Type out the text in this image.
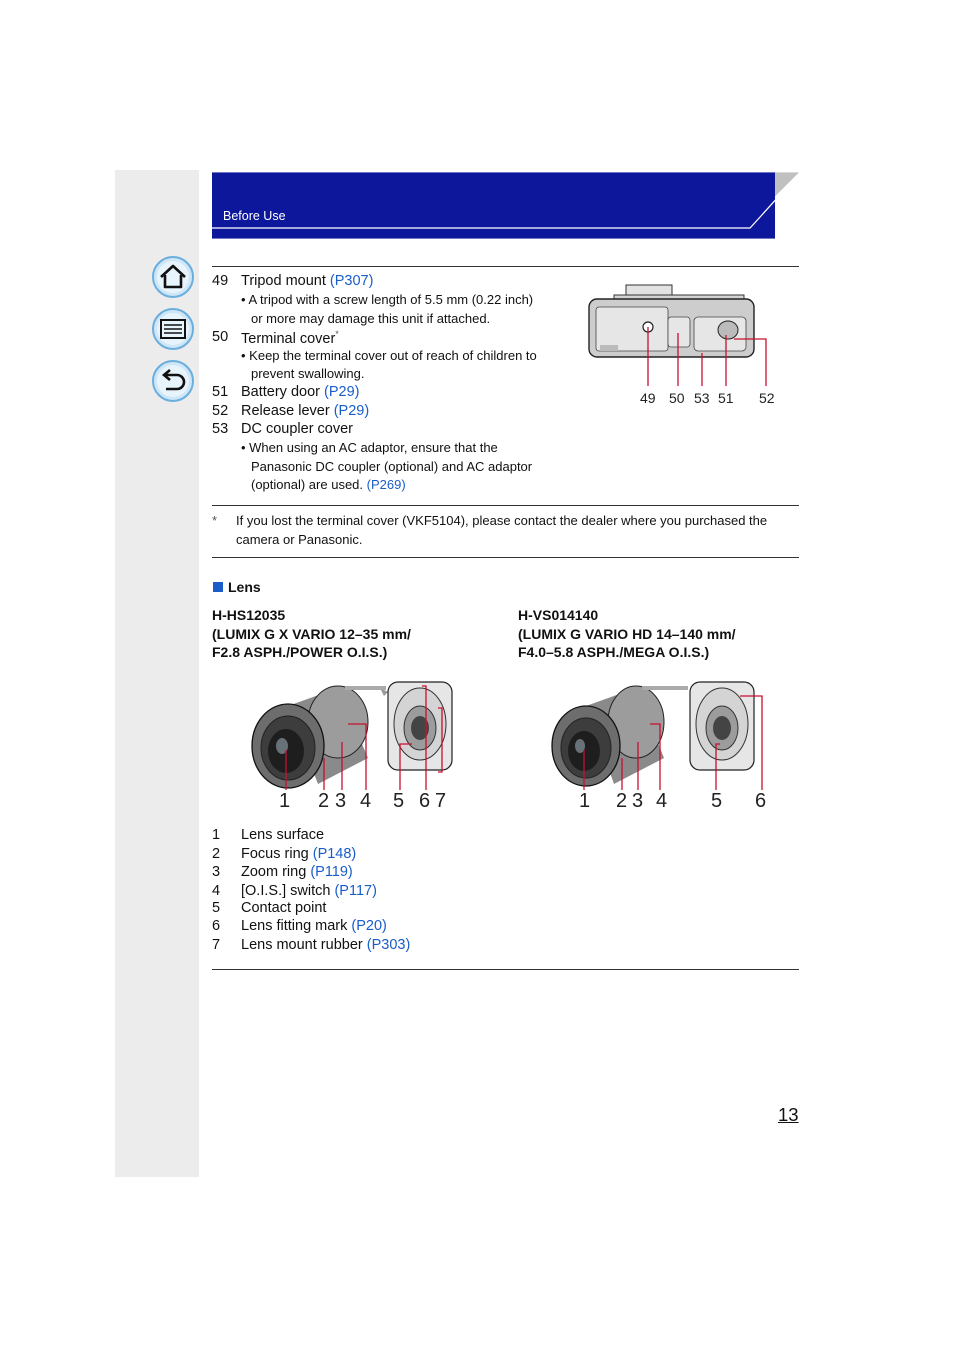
Before Use
49 Tripod mount (P307)
• A tripod with a screw length of 5.5 mm (0.22 inch)
or more may damage this unit if attached.
50 Terminal cover*
• Keep the terminal cover out of reach of children to
prevent swallowing.
51 Battery door (P29)
52 Release lever (P29)
53 DC coupler cover
• When using an AC adaptor, ensure that the
Panasonic DC coupler (optional) and AC adaptor
(optional) are used. (P269)
49 50 53 51 52
* If you lost the terminal cover (VKF5104), please contact the dealer where you purchased the
camera or Panasonic.
Lens
H-HS12035
(LUMIX G X VARIO 12–35 mm/
F2.8 ASPH./POWER O.I.S.)
H-VS014140
(LUMIX G VARIO HD 14–140 mm/
F4.0–5.8 ASPH./MEGA O.I.S.)
1 2 3 4 5 6 7	1 2 3 4 5 6
1 Lens surface
2 Focus ring (P148)
3 Zoom ring (P119)
4 [O.I.S.] switch (P117)
5 Contact point
6 Lens fitting mark (P20)
7 Lens mount rubber (P303)
13
